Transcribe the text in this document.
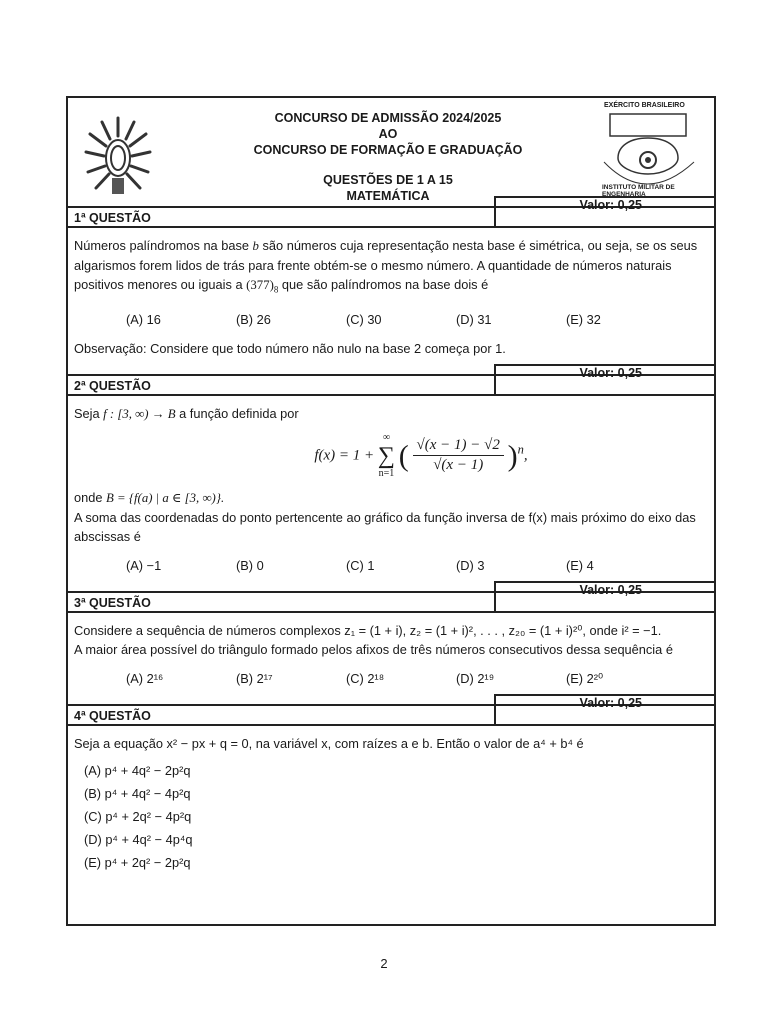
CONCURSO DE ADMISSÃO 2024/2025
AO
CONCURSO DE FORMAÇÃO E GRADUAÇÃO
QUESTÕES DE 1 A 15
MATEMÁTICA
EXÉRCITO BRASILEIRO
INSTITUTO MILITAR DE ENGENHARIA
1ª QUESTÃO
Valor: 0,25
Números palíndromos na base b são números cuja representação nesta base é simétrica, ou seja, se os seus algarismos forem lidos de trás para frente obtém-se o mesmo número. A quantidade de números naturais positivos menores ou iguais a $(377)_8$ que são palíndromos na base dois é
(A) 16	(B) 26	(C) 30	(D) 31	(E) 32
Observação: Considere que todo número não nulo na base 2 começa por 1.
2ª QUESTÃO
Valor: 0,25
Seja f : [3, ∞) → B a função definida por
f(x) = 1 +
∞
∑
n=1
( $\frac{√(x - 1) - √2}{√(x - 1)} )^n$,
onde B = {f(a) | a ∈ [3, ∞)}.
A soma das coordenadas do ponto pertencente ao gráfico da função inversa de f(x) mais próximo do eixo das abscissas é
(A) −1	(B) 0	(C) 1	(D) 3	(E) 4
3ª QUESTÃO
Valor: 0,25
Considere a sequência de números complexos z₁ = (1 + i), z₂ = (1 + i)², . . . , z₂₀ = (1 + i)²⁰, onde i² = −1.
A maior área possível do triângulo formado pelos afixos de três números consecutivos dessa sequência é
(A) 2¹⁶	(B) 2¹⁷	(C) 2¹⁸	(D) 2¹⁹	(E) 2²⁰
4ª QUESTÃO
Valor: 0,25
Seja a equação x² − px + q = 0, na variável x, com raízes a e b. Então o valor de a⁴ + b⁴ é
(A) p⁴ + 4q² − 2p²q
(B) p⁴ + 4q² − 4p²q
(C) p⁴ + 2q² − 4p²q
(D) p⁴ + 4q² − 4p⁴q
(E) p⁴ + 2q² − 2p²q
2
